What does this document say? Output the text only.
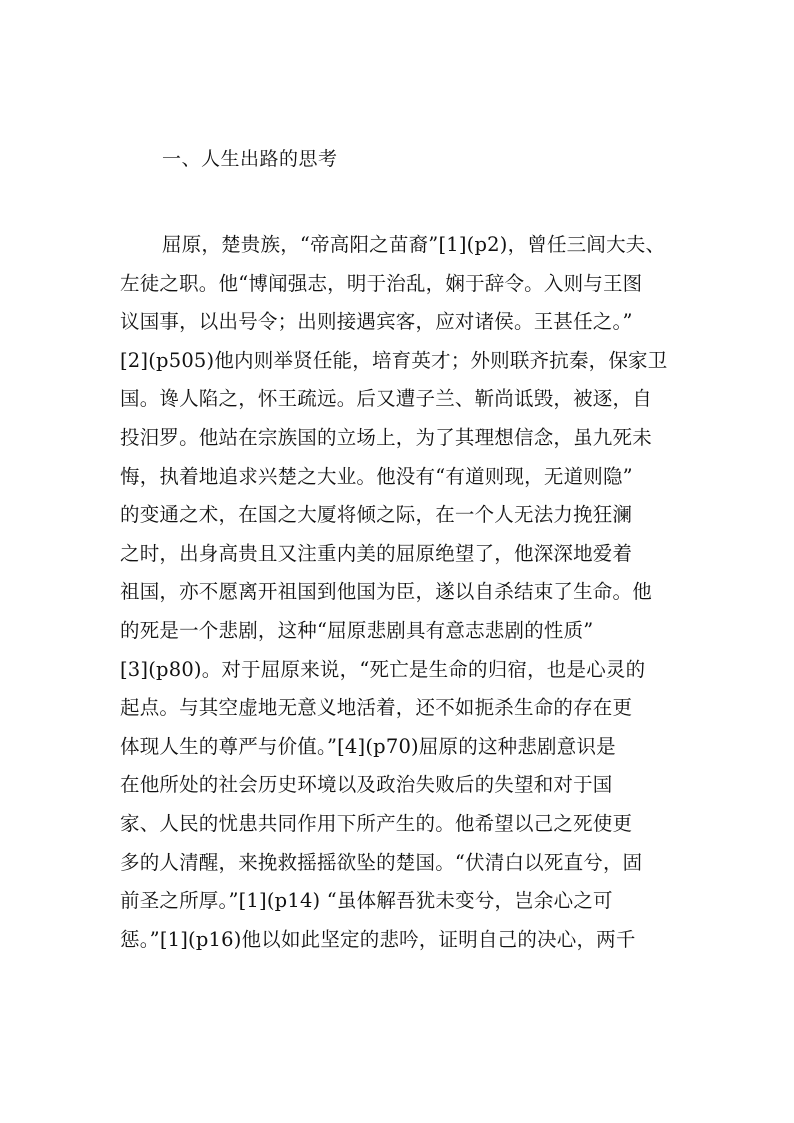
一、人生出路的思考
屈原，楚贵族，“帝高阳之苗裔”[1](p2)，曾任三闾大夫、
左徒之职。他“博闻强志，明于治乱，娴于辞令。入则与王图
议国事，以出号令；出则接遇宾客，应对诸侯。王甚任之。”
[2](p505)他内则举贤任能，培育英才；外则联齐抗秦，保家卫
国。谗人陷之，怀王疏远。后又遭子兰、靳尚诋毁，被逐，自
投汨罗。他站在宗族国的立场上，为了其理想信念，虽九死未
悔，执着地追求兴楚之大业。他没有“有道则现，无道则隐”
的变通之术，在国之大厦将倾之际，在一个人无法力挽狂澜
之时，出身高贵且又注重内美的屈原绝望了，他深深地爱着
祖国，亦不愿离开祖国到他国为臣，遂以自杀结束了生命。他
的死是一个悲剧，这种“屈原悲剧具有意志悲剧的性质”
[3](p80)。对于屈原来说，“死亡是生命的归宿，也是心灵的
起点。与其空虚地无意义地活着，还不如扼杀生命的存在更
体现人生的尊严与价值。”[4](p70)屈原的这种悲剧意识是
在他所处的社会历史环境以及政治失败后的失望和对于国
家、人民的忧患共同作用下所产生的。他希望以己之死使更
多的人清醒，来挽救摇摇欲坠的楚国。“伏清白以死直兮，固
前圣之所厚。”[1](p14) “虽体解吾犹未变兮，岂余心之可
惩。”[1](p16)他以如此坚定的悲吟，证明自己的决心，两千
